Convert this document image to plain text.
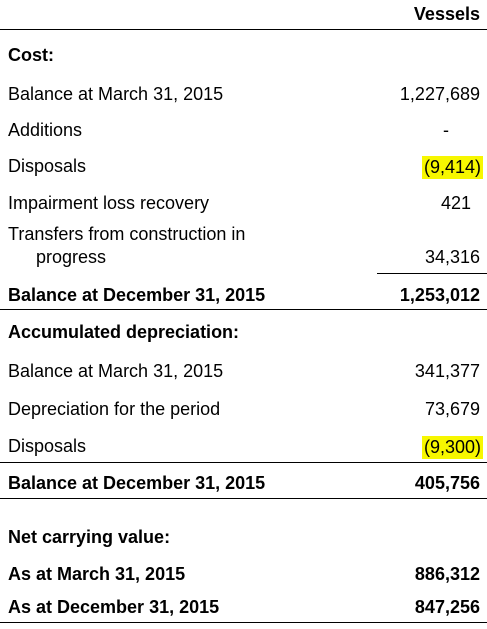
Vessels
Cost:
Balance at March 31, 2015	1,227,689
Additions	-
Disposals	(9,414)
Impairment loss recovery	421
Transfers from construction in
progress	34,316
Balance at December 31, 2015	1,253,012
Accumulated depreciation:
Balance at March 31, 2015	341,377
Depreciation for the period	73,679
Disposals	(9,300)
Balance at December 31, 2015	405,756
Net carrying value:
As at March 31, 2015	886,312
As at December 31, 2015	847,256
